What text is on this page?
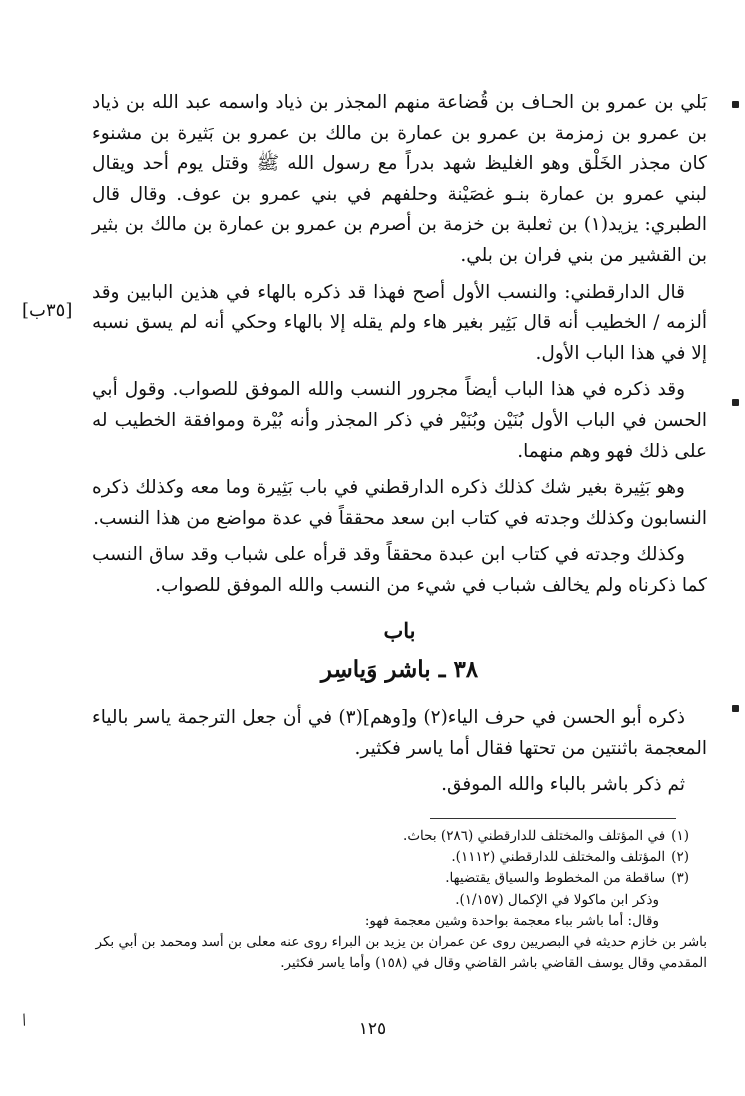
بَلي بن عمرو بن الحـاف بن قُضاعة منهم المجذر بن ذياد واسمه عبد الله بن ذياد بن عمرو بن زمزمة بن عمرو بن عمارة بن مالك بن عمرو بن بَثيرة بن مشنوء كان مجذر الخَلْق وهو الغليظ شهد بدراً مع رسول الله ﷺ وقتل يوم أحد ويقال لبني عمرو بن عمارة بنـو غصَيْنة وحلفهم في بني عمرو بن عوف. وقال قال الطبري: يزيد(١) بن ثعلبة بن خزمة بن أصرم بن عمرو بن عمارة بن مالك بن بثير بن القشير من بني فران بن بلي.

قال الدارقطني: والنسب الأول أصح فهذا قد ذكره بالهاء في هذين البابين وقد ألزمه / الخطيب أنه قال بَثِير بغير هاء ولم يقله إلا بالهاء وحكي أنه لم يسق نسبه إلا في هذا الباب الأول.

وقد ذكره في هذا الباب أيضاً مجرور النسب والله الموفق للصواب. وقول أبي الحسن في الباب الأول بُنَيْن وبُنَيْر في ذكر المجذر وأنه بُيْرة وموافقة الخطيب له على ذلك فهو وهم منهما.

وهو بَثِيرة بغير شك كذلك ذكره الدارقطني في باب بَثِيرة وما معه وكذلك ذكره النسابون وكذلك وجدته في كتاب ابن سعد محققاً في عدة مواضع من هذا النسب.

وكذلك وجدته في كتاب ابن عبدة محققاً وقد قرأه على شباب وقد ساق النسب كما ذكرناه ولم يخالف شباب في شيء من النسب والله الموفق للصواب.

[٣٥ب]
باب
٣٨ ـ باشر وَياسِر

ذكره أبو الحسن في حرف الياء(٢) و[وهم](٣) في أن جعل الترجمة ياسر بالياء المعجمة باثنتين من تحتها فقال أما ياسر فكثير.

ثم ذكر باشر بالباء والله الموفق.

(١)في المؤتلف والمختلف للدارقطني (٢٨٦) بحاث.

(٢)المؤتلف والمختلف للدارقطني (١١١٢).

(٣)ساقطة من المخطوط والسياق يقتضيها.

وذكر ابن ماكولا في الإكمال (١/١٥٧).

وقال: أما باشر بباء معجمة بواحدة وشين معجمة فهو:

باشر بن خازم حديثه في البصريين روى عن عمران بن يزيد بن البراء روى عنه معلى بن أسد ومحمد بن أبي بكر المقدمي وقال يوسف القاضي باشر القاضي وقال في (١٥٨) وأما ياسر فكثير.

/	١٢٥
